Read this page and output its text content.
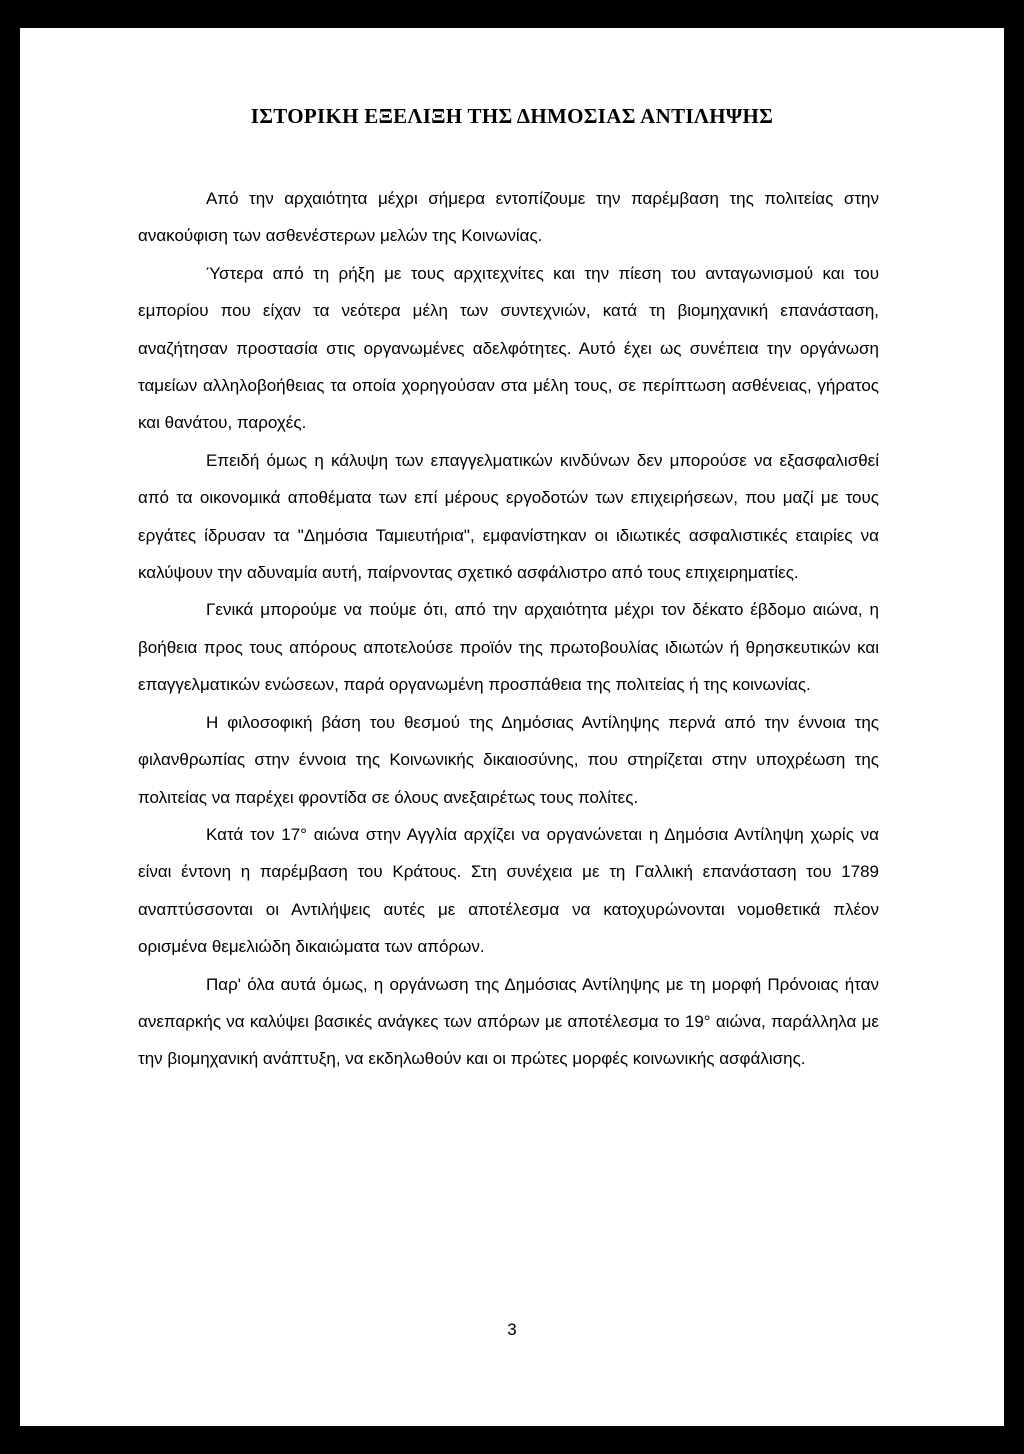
ΙΣΤΟΡΙΚΗ ΕΞΕΛΙΞΗ ΤΗΣ ΔΗΜΟΣΙΑΣ ΑΝΤΙΛΗΨΗΣ

Από την αρχαιότητα μέχρι σήμερα εντοπίζουμε την παρέμβαση της πολιτείας στην ανακούφιση των ασθενέστερων μελών της Κοινωνίας.

Ύστερα από τη ρήξη με τους αρχιτεχνίτες και την πίεση του ανταγωνισμού και του εμπορίου που είχαν τα νεότερα μέλη των συντεχνιών, κατά τη βιομηχανική επανάσταση, αναζήτησαν προστασία στις οργανωμένες αδελφότητες. Αυτό έχει ως συνέπεια την οργάνωση ταμείων αλληλοβοήθειας τα οποία χορηγούσαν στα μέλη τους, σε περίπτωση ασθένειας, γήρατος και θανάτου, παροχές.

Επειδή όμως η κάλυψη των επαγγελματικών κινδύνων δεν μπορούσε να εξασφαλισθεί από τα οικονομικά αποθέματα των επί μέρους εργοδοτών των επιχειρήσεων, που μαζί με τους εργάτες ίδρυσαν τα "Δημόσια Ταμιευτήρια", εμφανίστηκαν οι ιδιωτικές ασφαλιστικές εταιρίες να καλύψουν την αδυναμία αυτή, παίρνοντας σχετικό ασφάλιστρο από τους επιχειρηματίες.

Γενικά μπορούμε να πούμε ότι, από την αρχαιότητα μέχρι τον δέκατο έβδομο αιώνα, η βοήθεια προς τους απόρους αποτελούσε προϊόν της πρωτοβουλίας ιδιωτών ή θρησκευτικών και επαγγελματικών ενώσεων, παρά οργανωμένη προσπάθεια της πολιτείας ή της κοινωνίας.

Η φιλοσοφική βάση του θεσμού της Δημόσιας Αντίληψης περνά από την έννοια της φιλανθρωπίας στην έννοια της Κοινωνικής δικαιοσύνης, που στηρίζεται στην υποχρέωση της πολιτείας να παρέχει φροντίδα σε όλους ανεξαιρέτως τους πολίτες.

Κατά τον 17° αιώνα στην Αγγλία αρχίζει να οργανώνεται η Δημόσια Αντίληψη χωρίς να είναι έντονη η παρέμβαση του Κράτους. Στη συνέχεια με τη Γαλλική επανάσταση του 1789 αναπτύσσονται οι Αντιλήψεις αυτές με αποτέλεσμα να κατοχυρώνονται νομοθετικά πλέον ορισμένα θεμελιώδη δικαιώματα των απόρων.

Παρ' όλα αυτά όμως, η οργάνωση της Δημόσιας Αντίληψης με τη μορφή Πρόνοιας ήταν ανεπαρκής να καλύψει βασικές ανάγκες των απόρων με αποτέλεσμα το 19° αιώνα, παράλληλα με την βιομηχανική ανάπτυξη, να εκδηλωθούν και οι πρώτες μορφές κοινωνικής ασφάλισης.

3
